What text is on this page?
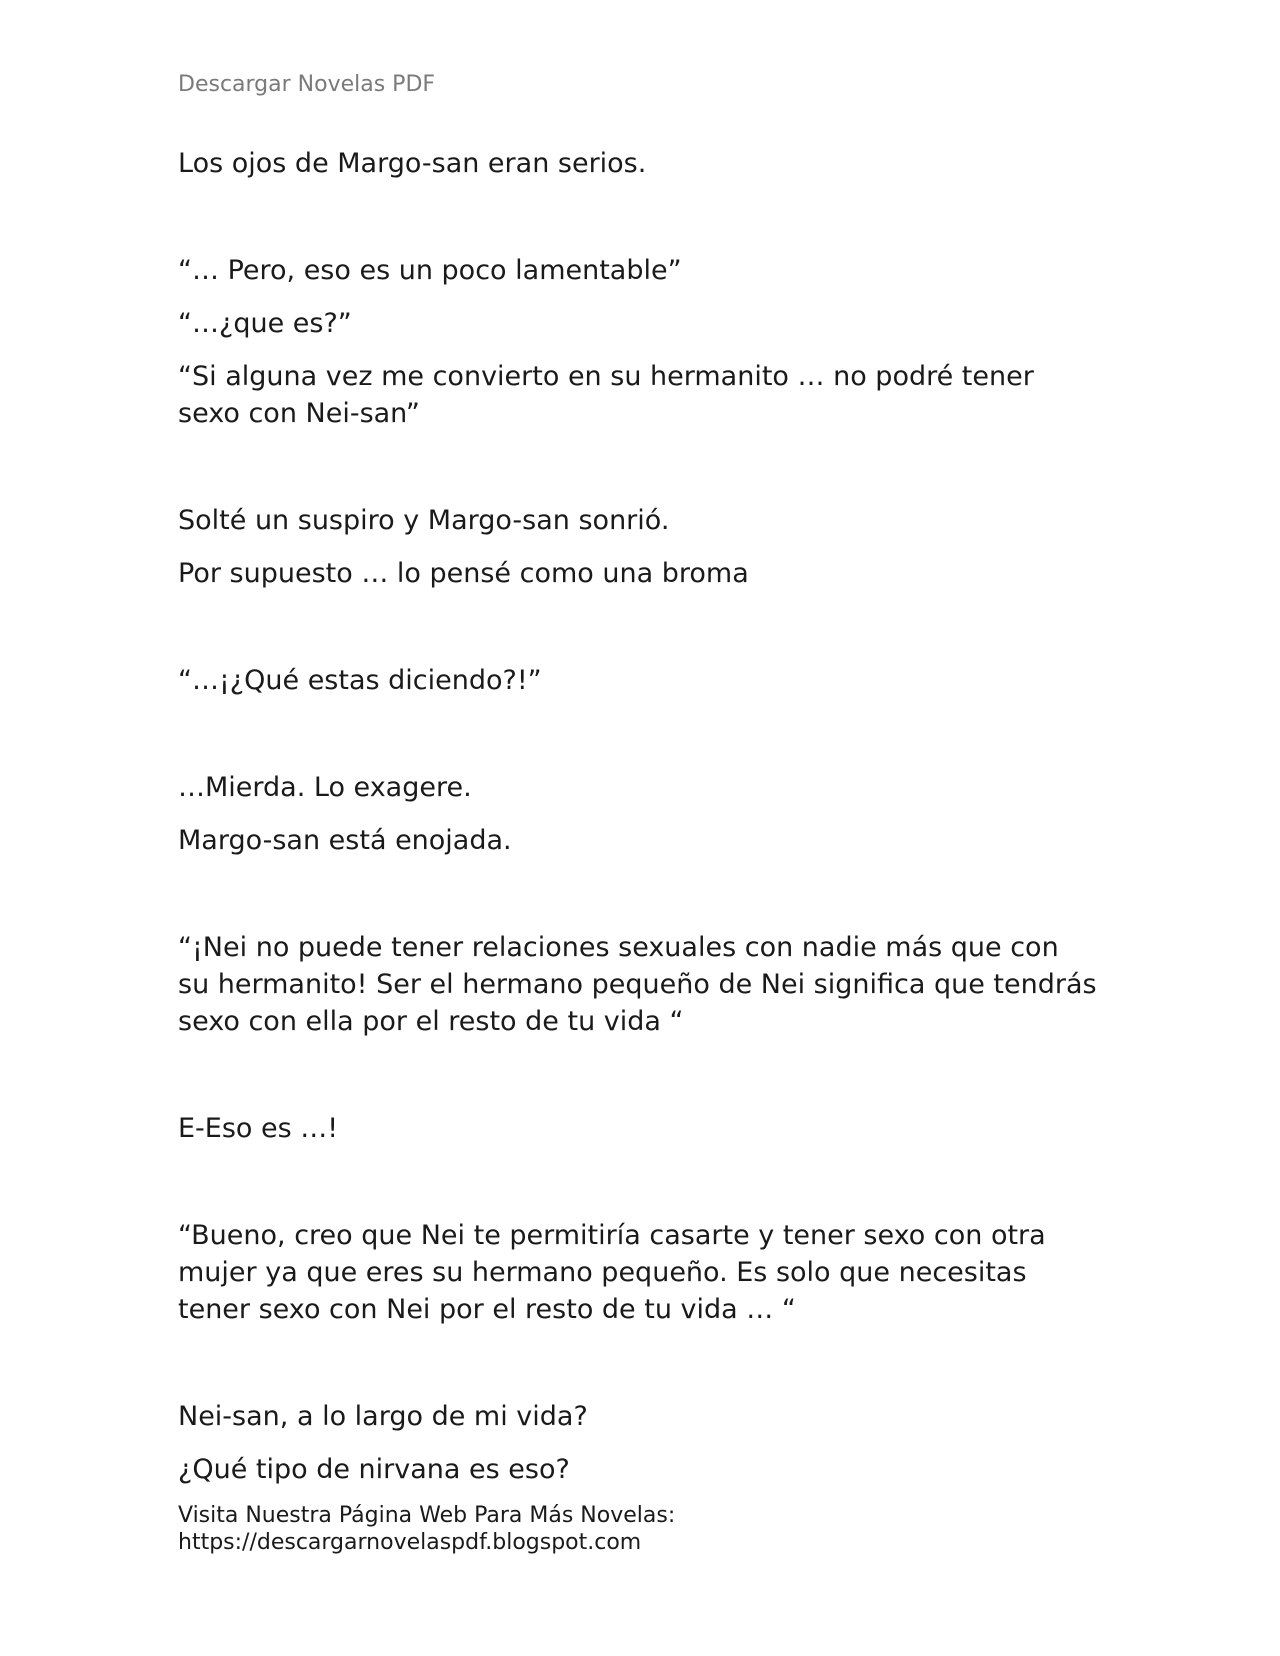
Descargar Novelas PDF

Los ojos de Margo-san eran serios.

“… Pero, eso es un poco lamentable”

“…¿que es?”

“Si alguna vez me convierto en su hermanito … no podré tener sexo con Nei-san”

Solté un suspiro y Margo-san sonrió.

Por supuesto … lo pensé como una broma

“…¡¿Qué estas diciendo?!”

…Mierda. Lo exagere.

Margo-san está enojada.

“¡Nei no puede tener relaciones sexuales con nadie más que con su hermanito! Ser el hermano pequeño de Nei significa que tendrás sexo con ella por el resto de tu vida “

E-Eso es …!

“Bueno, creo que Nei te permitiría casarte y tener sexo con otra mujer ya que eres su hermano pequeño. Es solo que necesitas tener sexo con Nei por el resto de tu vida … “

Nei-san, a lo largo de mi vida?

¿Qué tipo de nirvana es eso?

Visita Nuestra Página Web Para Más Novelas:
https://descargarnovelaspdf.blogspot.com
